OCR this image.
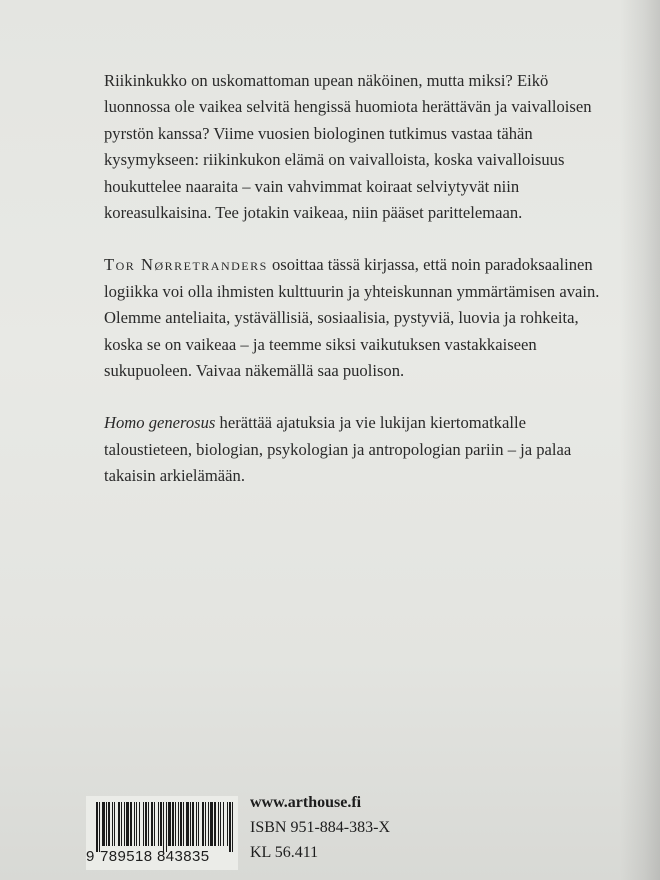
Riikinkukko on uskomattoman upean näköinen, mutta miksi? Eikö luonnossa ole vaikea selvitä hengissä huomiota herättävän ja vaivalloisen pyrstön kanssa? Viime vuosien biologinen tutkimus vastaa tähän kysymykseen: riikinkukon elämä on vaivalloista, koska vaivalloisuus houkuttelee naaraita – vain vahvimmat koiraat selviytyvät niin koreasulkaisina. Tee jotakin vaikeaa, niin pääset parittelemaan.

Tor Nørretranders osoittaa tässä kirjassa, että noin paradoksaalinen logiikka voi olla ihmisten kulttuurin ja yhteiskunnan ymmärtämisen avain. Olemme anteliaita, ystävällisiä, sosiaalisia, pystyviä, luovia ja rohkeita, koska se on vaikeaa – ja teemme siksi vaikutuksen vastakkaiseen sukupuoleen. Vaivaa näkemällä saa puolison.

Homo generosus herättää ajatuksia ja vie lukijan kiertomatkalle taloustieteen, biologian, psykologian ja antropologian pariin – ja palaa takaisin arkielämään.

9 789518 843835
www.arthouse.fi
ISBN 951-884-383-X
KL 56.411
